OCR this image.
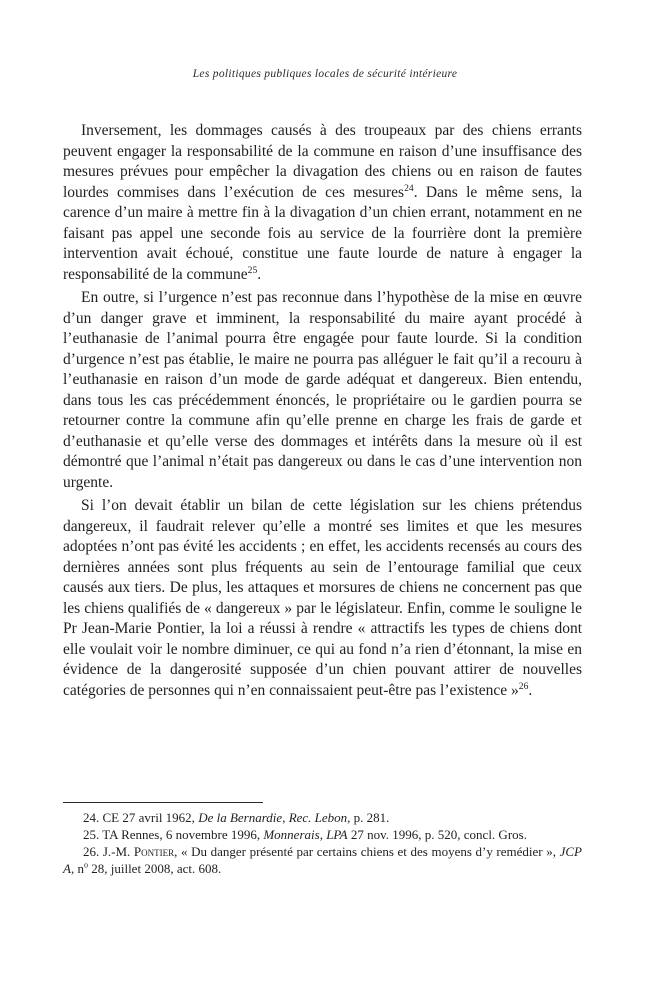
Les politiques publiques locales de sécurité intérieure

Inversement, les dommages causés à des troupeaux par des chiens errants peuvent engager la responsabilité de la commune en raison d’une insuffisance des mesures prévues pour empêcher la divagation des chiens ou en raison de fautes lourdes commises dans l’exécution de ces mesures$^{24}$. Dans le même sens, la carence d’un maire à mettre fin à la divagation d’un chien errant, notamment en ne faisant pas appel une seconde fois au service de la fourrière dont la première intervention avait échoué, constitue une faute lourde de nature à engager la responsabilité de la commune$^{25}$.

En outre, si l’urgence n’est pas reconnue dans l’hypothèse de la mise en œuvre d’un danger grave et imminent, la responsabilité du maire ayant procédé à l’euthanasie de l’animal pourra être engagée pour faute lourde. Si la condition d’urgence n’est pas établie, le maire ne pourra pas alléguer le fait qu’il a recouru à l’euthanasie en raison d’un mode de garde adéquat et dangereux. Bien entendu, dans tous les cas précédemment énoncés, le propriétaire ou le gardien pourra se retourner contre la commune afin qu’elle prenne en charge les frais de garde et d’euthanasie et qu’elle verse des dommages et intérêts dans la mesure où il est démontré que l’animal n’était pas dangereux ou dans le cas d’une intervention non urgente.

Si l’on devait établir un bilan de cette législation sur les chiens prétendus dangereux, il faudrait relever qu’elle a montré ses limites et que les mesures adoptées n’ont pas évité les accidents ; en effet, les accidents recensés au cours des dernières années sont plus fréquents au sein de l’entourage familial que ceux causés aux tiers. De plus, les attaques et morsures de chiens ne concernent pas que les chiens qualifiés de « dangereux » par le législateur. Enfin, comme le souligne le Pr Jean-Marie Pontier, la loi a réussi à rendre « attractifs les types de chiens dont elle voulait voir le nombre diminuer, ce qui au fond n’a rien d’étonnant, la mise en évidence de la dangerosité supposée d’un chien pouvant attirer de nouvelles catégories de personnes qui n’en connaissaient peut-être pas l’existence »$^{26}$.

24. CE 27 avril 1962, De la Bernardie, Rec. Lebon, p. 281.

25. TA Rennes, 6 novembre 1996, Monnerais, LPA 27 nov. 1996, p. 520, concl. Gros.

26. J.-M. Pontier, « Du danger présenté par certains chiens et des moyens d’y remédier », JCP A, $n^o$ 28, juillet 2008, act. 608.
